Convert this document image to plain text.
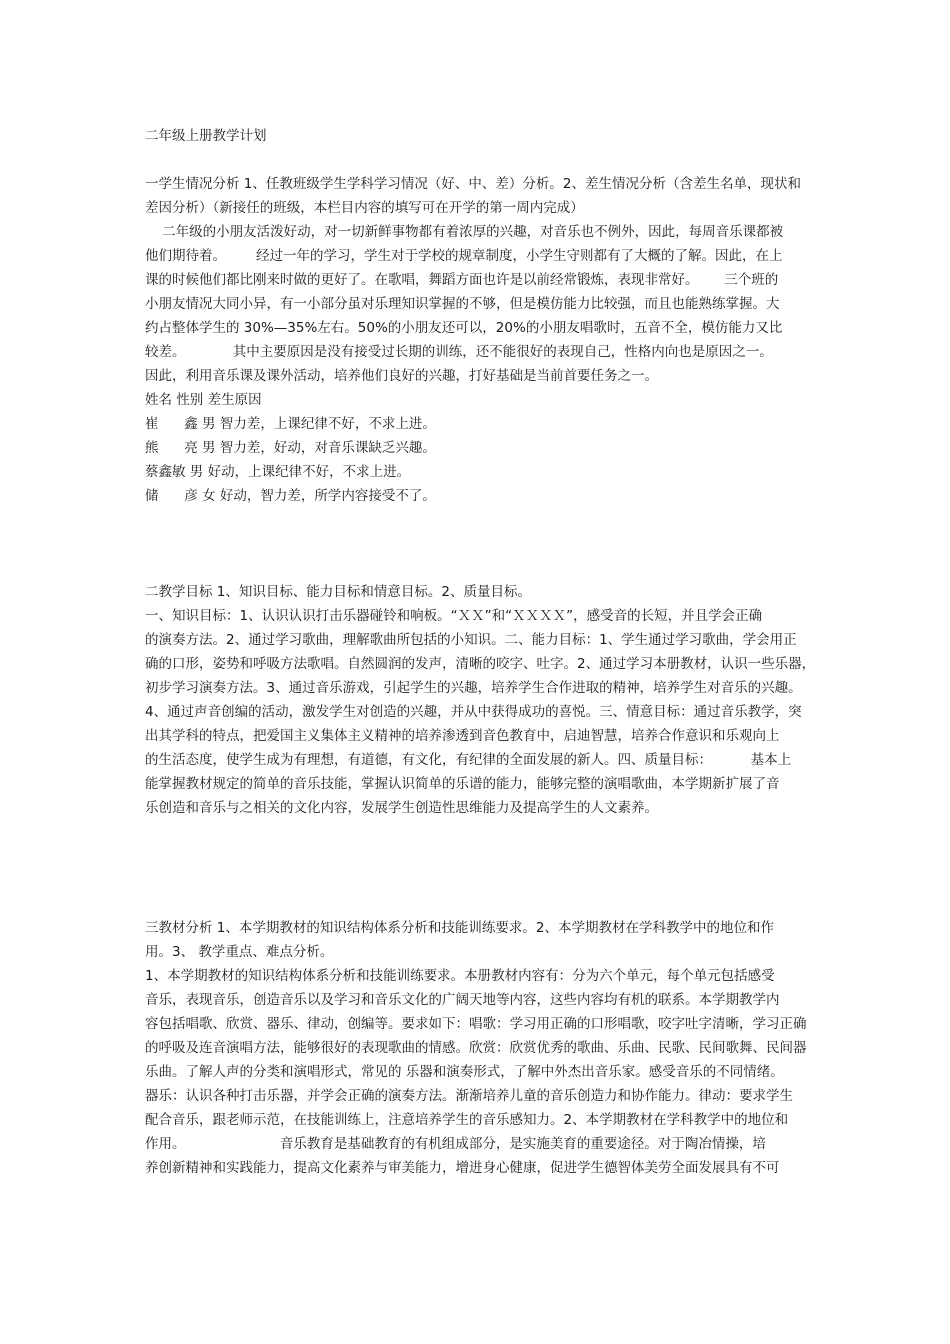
二年级上册教学计划
一学生情况分析 1、任教班级学生学科学习情况（好、中、差）分析。2、差生情况分析（含差生名单，现状和
差因分析）（新接任的班级，本栏目内容的填写可在开学的第一周内完成）
二年级的小朋友活泼好动，对一切新鲜事物都有着浓厚的兴趣，对音乐也不例外，因此，每周音乐课都被
他们期待着。       经过一年的学习，学生对于学校的规章制度，小学生守则都有了大概的了解。因此，在上
课的时候他们都比刚来时做的更好了。在歌唱，舞蹈方面也许是以前经常锻炼，表现非常好。      三个班的
小朋友情况大同小异，有一小部分虽对乐理知识掌握的不够，但是模仿能力比较强，而且也能熟练掌握。大
约占整体学生的 30%—35%左右。50%的小朋友还可以，20%的小朋友唱歌时，五音不全，模仿能力又比
较差。           其中主要原因是没有接受过长期的训练，还不能很好的表现自己，性格内向也是原因之一。
因此，利用音乐课及课外活动，培养他们良好的兴趣，打好基础是当前首要任务之一。
姓名 性别 差生原因
崔      鑫 男 智力差，上课纪律不好，不求上进。
熊      亮 男 智力差，好动，对音乐课缺乏兴趣。
蔡鑫敏 男 好动，上课纪律不好，不求上进。
储      彦 女 好动，智力差，所学内容接受不了。
二教学目标 1、知识目标、能力目标和情意目标。2、质量目标。
一、知识目标：1、认识认识打击乐器碰铃和响板。“ＸＸ”和“ＸＸＸＸ”，感受音的长短，并且学会正确
的演奏方法。2、通过学习歌曲，理解歌曲所包括的小知识。二、能力目标：1、学生通过学习歌曲，学会用正
确的口形，姿势和呼吸方法歌唱。自然圆润的发声，清晰的咬字、吐字。2、通过学习本册教材，认识一些乐器，
初步学习演奏方法。3、通过音乐游戏，引起学生的兴趣，培养学生合作进取的精神，培养学生对音乐的兴趣。
4、通过声音创编的活动，激发学生对创造的兴趣，并从中获得成功的喜悦。三、情意目标：通过音乐教学，突
出其学科的特点，把爱国主义集体主义精神的培养渗透到音色教育中，启迪智慧，培养合作意识和乐观向上
的生活态度，使学生成为有理想，有道德，有文化，有纪律的全面发展的新人。四、质量目标：         基本上
能掌握教材规定的简单的音乐技能，掌握认识简单的乐谱的能力，能够完整的演唱歌曲，本学期新扩展了音
乐创造和音乐与之相关的文化内容，发展学生创造性思维能力及提高学生的人文素养。
三教材分析 1、本学期教材的知识结构体系分析和技能训练要求。2、本学期教材在学科教学中的地位和作
用。3、 教学重点、难点分析。
1、本学期教材的知识结构体系分析和技能训练要求。本册教材内容有：分为六个单元，每个单元包括感受
音乐，表现音乐，创造音乐以及学习和音乐文化的广阔天地等内容，这些内容均有机的联系。本学期教学内
容包括唱歌、欣赏、器乐、律动，创编等。要求如下：唱歌：学习用正确的口形唱歌，咬字吐字清晰，学习正确
的呼吸及连音演唱方法，能够很好的表现歌曲的情感。欣赏：欣赏优秀的歌曲、乐曲、民歌、民间歌舞、民间器
乐曲。了解人声的分类和演唱形式，常见的 乐器和演奏形式，了解中外杰出音乐家。感受音乐的不同情绪。
器乐：认识各种打击乐器，并学会正确的演奏方法。渐渐培养儿童的音乐创造力和协作能力。律动：要求学生
配合音乐，跟老师示范，在技能训练上，注意培养学生的音乐感知力。2、本学期教材在学科教学中的地位和
作用。                      音乐教育是基础教育的有机组成部分，是实施美育的重要途径。对于陶冶情操，培
养创新精神和实践能力，提高文化素养与审美能力，增进身心健康，促进学生德智体美劳全面发展具有不可
